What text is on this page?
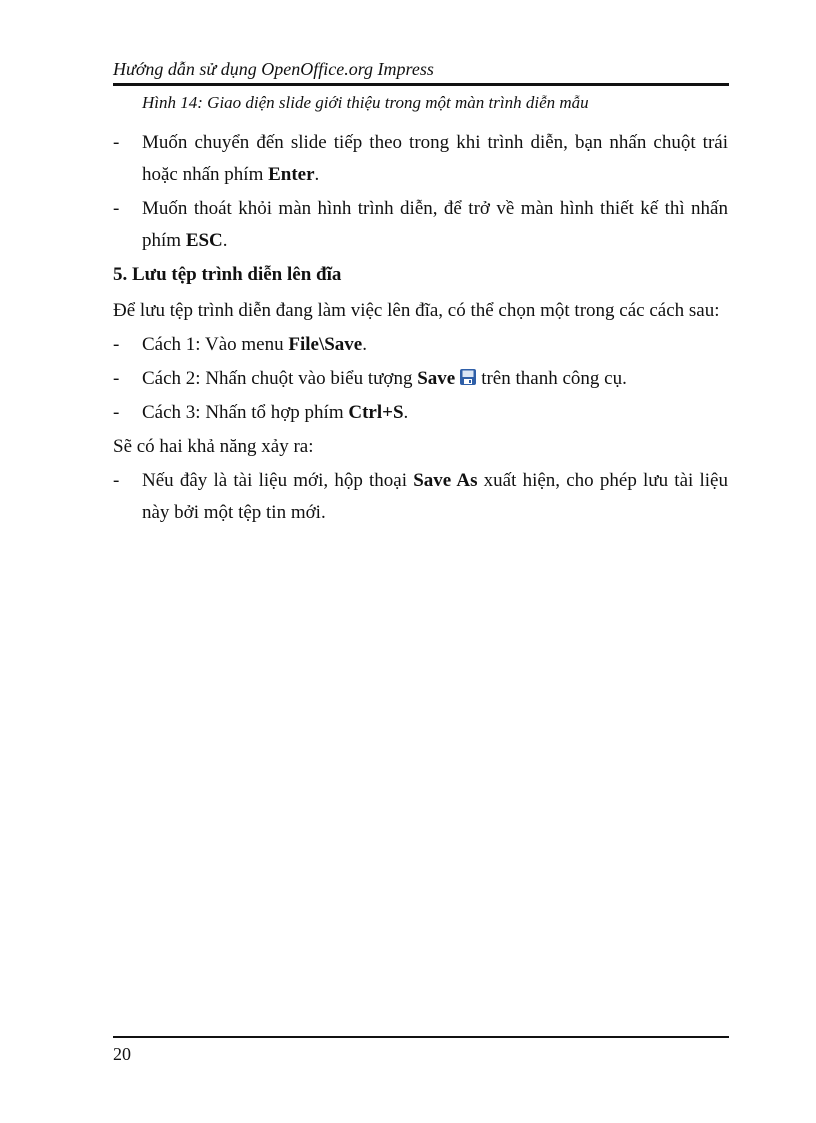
Hướng dẫn sử dụng OpenOffice.org Impress

Hình 14: Giao diện slide giới thiệu trong một màn trình diễn mẫu

- Muốn chuyển đến slide tiếp theo trong khi trình diễn, bạn nhấn chuột trái hoặc nhấn phím Enter.
- Muốn thoát khỏi màn hình trình diễn, để trở về màn hình thiết kế thì nhấn phím ESC.
5. Lưu tệp trình diễn lên đĩa
Để lưu tệp trình diễn đang làm việc lên đĩa, có thể chọn một trong các cách sau:
- Cách 1: Vào menu File\Save.
- Cách 2: Nhấn chuột vào biểu tượng Save trên thanh công cụ.
- Cách 3: Nhấn tổ hợp phím Ctrl+S.
Sẽ có hai khả năng xảy ra:
- Nếu đây là tài liệu mới, hộp thoại Save As xuất hiện, cho phép lưu tài liệu này bởi một tệp tin mới.

20
